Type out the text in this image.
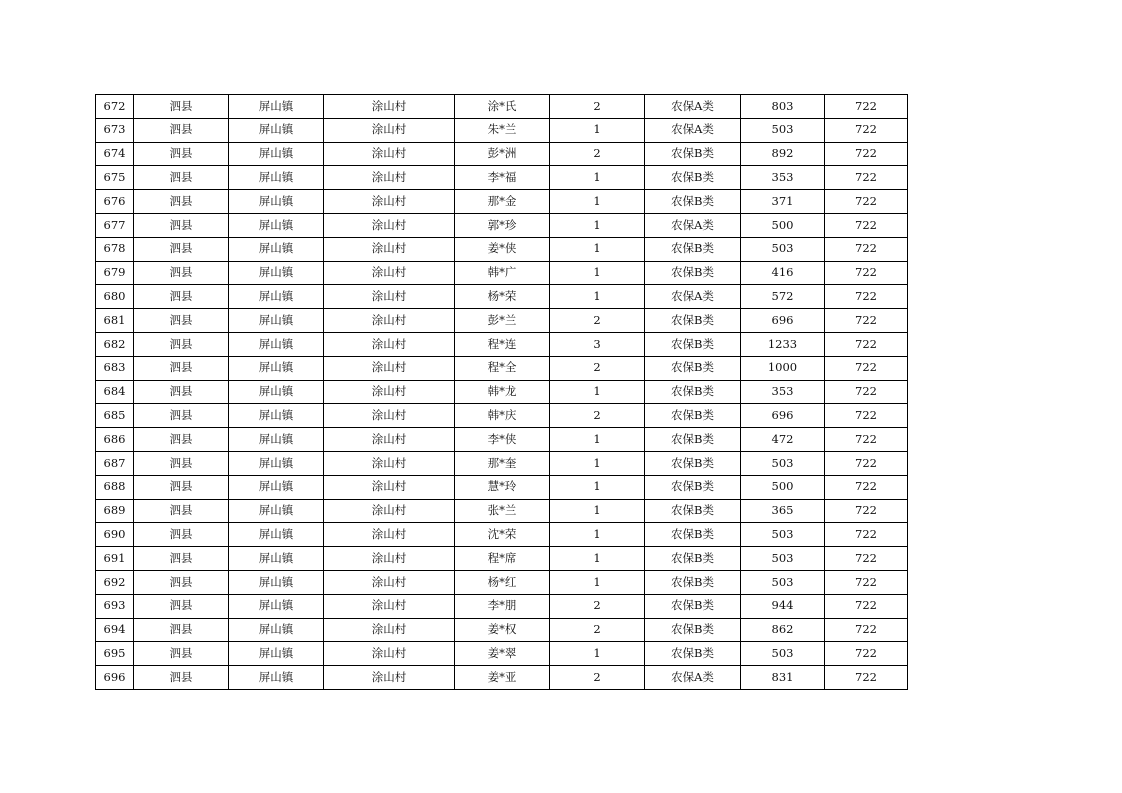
672	泗县	屏山镇	涂山村	涂*氏	2	农保A类	803	722
673	泗县	屏山镇	涂山村	朱*兰	1	农保A类	503	722
674	泗县	屏山镇	涂山村	彭*洲	2	农保B类	892	722
675	泗县	屏山镇	涂山村	李*福	1	农保B类	353	722
676	泗县	屏山镇	涂山村	那*金	1	农保B类	371	722
677	泗县	屏山镇	涂山村	郭*珍	1	农保A类	500	722
678	泗县	屏山镇	涂山村	姜*侠	1	农保B类	503	722
679	泗县	屏山镇	涂山村	韩*广	1	农保B类	416	722
680	泗县	屏山镇	涂山村	杨*荣	1	农保A类	572	722
681	泗县	屏山镇	涂山村	彭*兰	2	农保B类	696	722
682	泗县	屏山镇	涂山村	程*连	3	农保B类	1233	722
683	泗县	屏山镇	涂山村	程*全	2	农保B类	1000	722
684	泗县	屏山镇	涂山村	韩*龙	1	农保B类	353	722
685	泗县	屏山镇	涂山村	韩*庆	2	农保B类	696	722
686	泗县	屏山镇	涂山村	李*侠	1	农保B类	472	722
687	泗县	屏山镇	涂山村	那*奎	1	农保B类	503	722
688	泗县	屏山镇	涂山村	慧*玲	1	农保B类	500	722
689	泗县	屏山镇	涂山村	张*兰	1	农保B类	365	722
690	泗县	屏山镇	涂山村	沈*荣	1	农保B类	503	722
691	泗县	屏山镇	涂山村	程*席	1	农保B类	503	722
692	泗县	屏山镇	涂山村	杨*红	1	农保B类	503	722
693	泗县	屏山镇	涂山村	李*朋	2	农保B类	944	722
694	泗县	屏山镇	涂山村	姜*权	2	农保B类	862	722
695	泗县	屏山镇	涂山村	姜*翠	1	农保B类	503	722
696	泗县	屏山镇	涂山村	姜*亚	2	农保A类	831	722
